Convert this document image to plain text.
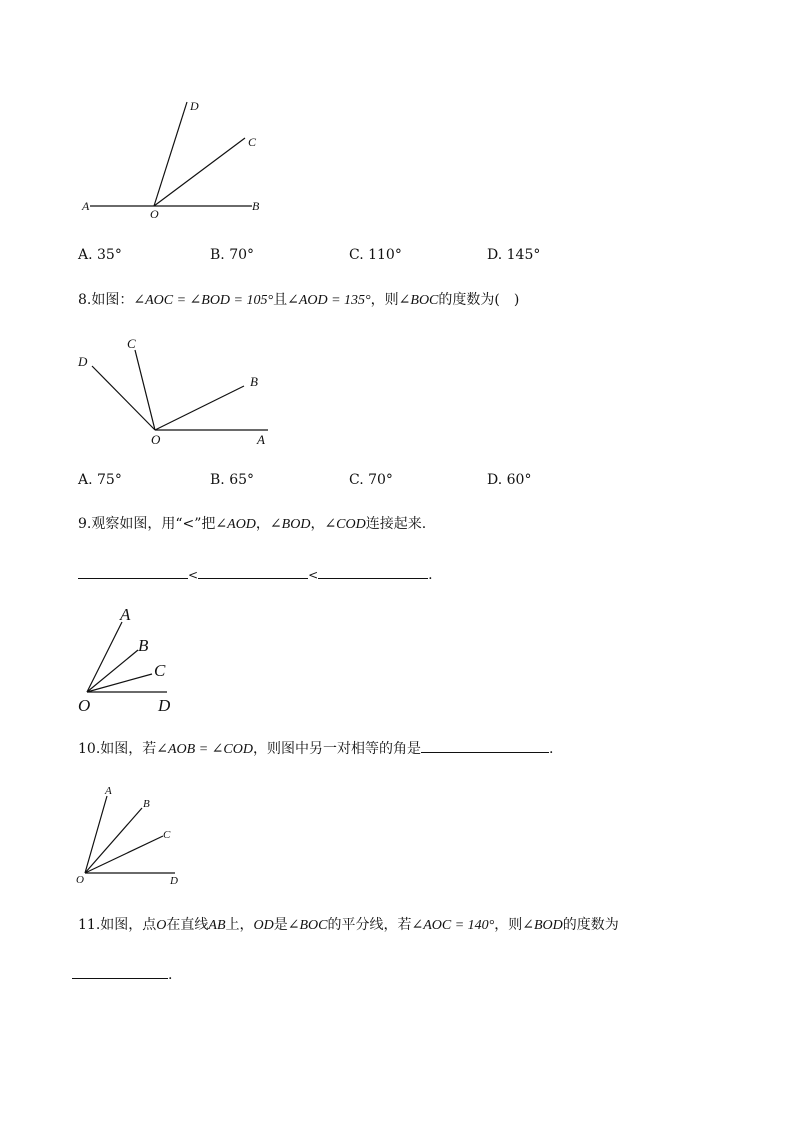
A
O
B
D
C
A. 35°	B. 70°	C. 110°	D. 145°
8.如图：∠AOC = ∠BOD = 105°且∠AOD = 135°，则∠BOC的度数为(　)
D
C
B
O	A
A. 75°	B. 65°	C. 70°	D. 60°
9.观察如图，用“<”把∠AOD，∠BOD，∠COD连接起来.
<	<	.
A
B
C
O	D
10.如图，若∠AOB = ∠COD，则图中另一对相等的角是	.
A
B
C
O	D
11.如图，点O在直线AB上，OD是∠BOC的平分线，若∠AOC = 140°，则∠BOD的度数为
.
